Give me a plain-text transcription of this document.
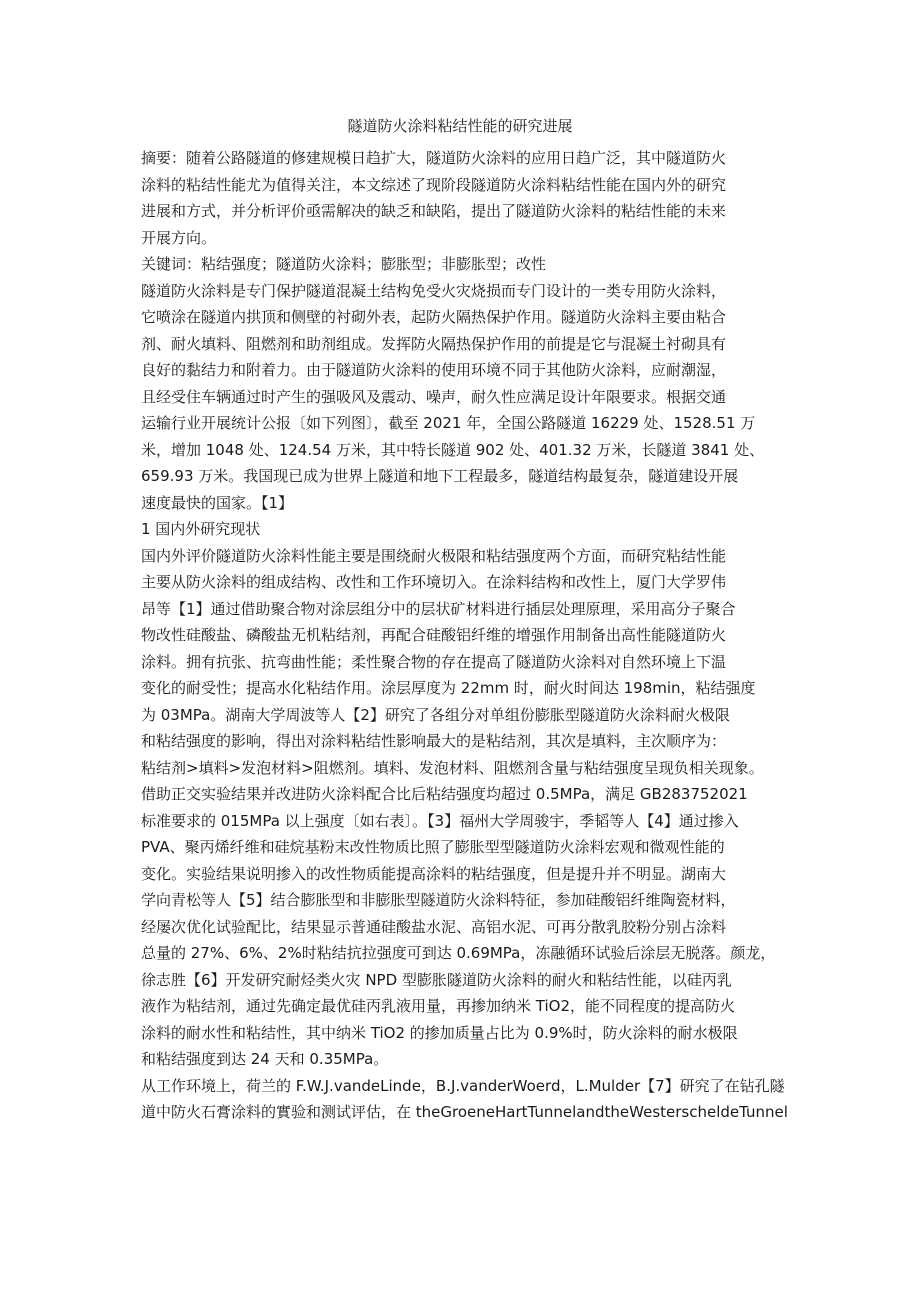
隧道防火涂料粘结性能的研究进展
摘要：随着公路隧道的修建规模日趋扩大，隧道防火涂料的应用日趋广泛，其中隧道防火
涂料的粘结性能尤为值得关注，本文综述了现阶段隧道防火涂料粘结性能在国内外的研究
进展和方式，并分析评价亟需解决的缺乏和缺陷，提出了隧道防火涂料的粘结性能的未来
开展方向。
关键词：粘结强度；隧道防火涂料；膨胀型；非膨胀型；改性
隧道防火涂料是专门保护隧道混凝土结构免受火灾烧损而专门设计的一类专用防火涂料，
它喷涂在隧道内拱顶和侧壁的衬砌外表，起防火隔热保护作用。隧道防火涂料主要由粘合
剂、耐火填料、阻燃剂和助剂组成。发挥防火隔热保护作用的前提是它与混凝土衬砌具有
良好的黏结力和附着力。由于隧道防火涂料的使用环境不同于其他防火涂料，应耐潮湿，
且经受住车辆通过时产生的强吸风及震动、噪声，耐久性应满足设计年限要求。根据交通
运输行业开展统计公报〔如下列图〕，截至 2021 年，全国公路隧道 16229 处、1528.51 万
米，增加 1048 处、124.54 万米，其中特长隧道 902 处、401.32 万米，长隧道 3841 处、
659.93 万米。我国现已成为世界上隧道和地下工程最多，隧道结构最复杂，隧道建设开展
速度最快的国家。【1】
1 国内外研究现状
国内外评价隧道防火涂料性能主要是围绕耐火极限和粘结强度两个方面，而研究粘结性能
主要从防火涂料的组成结构、改性和工作环境切入。在涂料结构和改性上，厦门大学罗伟
昂等【1】通过借助聚合物对涂层组分中的层状矿材料进行插层处理原理，采用高分子聚合
物改性硅酸盐、磷酸盐无机粘结剂，再配合硅酸铝纤维的增强作用制备出高性能隧道防火
涂料。拥有抗张、抗弯曲性能；柔性聚合物的存在提高了隧道防火涂料对自然环境上下温
变化的耐受性；提高水化粘结作用。涂层厚度为 22mm 时，耐火时间达 198min，粘结强度
为 03MPa。湖南大学周波等人【2】研究了各组分对单组份膨胀型隧道防火涂料耐火极限
和粘结强度的影响，得出对涂料粘结性影响最大的是粘结剂，其次是填料，主次顺序为：
粘结剂>填料>发泡材料>阻燃剂。填料、发泡材料、阻燃剂含量与粘结强度呈现负相关现象。
借助正交实验结果并改进防火涂料配合比后粘结强度均超过 0.5MPa，满足 GB283752021
标准要求的 015MPa 以上强度〔如右表〕。【3】福州大学周骏宇，季韬等人【4】通过掺入
PVA、聚丙烯纤维和硅烷基粉末改性物质比照了膨胀型型隧道防火涂料宏观和微观性能的
变化。实验结果说明掺入的改性物质能提高涂料的粘结强度，但是提升并不明显。湖南大
学向青松等人【5】结合膨胀型和非膨胀型隧道防火涂料特征，参加硅酸铝纤维陶瓷材料，
经屡次优化试验配比，结果显示普通硅酸盐水泥、高铝水泥、可再分散乳胶粉分别占涂料
总量的 27%、6%、2%时粘结抗拉强度可到达 0.69MPa，冻融循环试验后涂层无脱落。颜龙，
徐志胜【6】开发研究耐烃类火灾 NPD 型膨胀隧道防火涂料的耐火和粘结性能，以硅丙乳
液作为粘结剂，通过先确定最优硅丙乳液用量，再掺加纳米 TiO2，能不同程度的提高防火
涂料的耐水性和粘结性，其中纳米 TiO2 的掺加质量占比为 0.9%时，防火涂料的耐水极限
和粘结强度到达 24 天和 0.35MPa。
从工作环境上，荷兰的 F.W.J.vandeLinde，B.J.vanderWoerd，L.Mulder【7】研究了在钻孔隧
道中防火石膏涂料的實验和测试评估，在 theGroeneHartTunnelandtheWesterscheldeTunnel
